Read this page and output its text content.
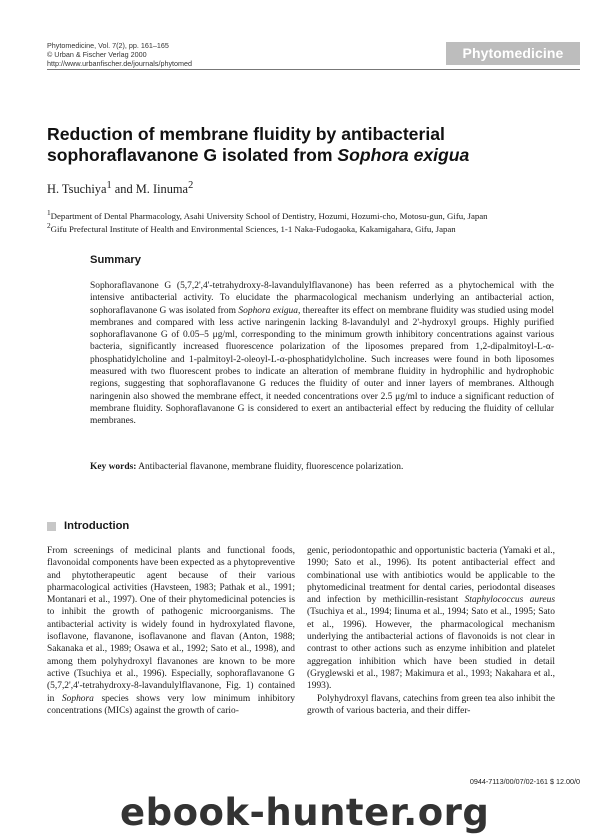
Phytomedicine, Vol. 7(2), pp. 161–165
© Urban & Fischer Verlag 2000
http://www.urbanfischer.de/journals/phytomed
Phytomedicine
Reduction of membrane fluidity by antibacterial sophoraflavanone G isolated from Sophora exigua
H. Tsuchiya$^1$ and M. Iinuma$^2$
$^1$Department of Dental Pharmacology, Asahi University School of Dentistry, Hozumi, Hozumi-cho, Motosu-gun, Gifu, Japan
$^2$Gifu Prefectural Institute of Health and Environmental Sciences, 1-1 Naka-Fudogaoka, Kakamigahara, Gifu, Japan
Summary
Sophoraflavanone G (5,7,2',4'-tetrahydroxy-8-lavandulylflavanone) has been referred as a phytochemical with the intensive antibacterial activity. To elucidate the pharmacological mechanism underlying an antibacterial action, sophoraflavanone G was isolated from Sophora exigua, thereafter its effect on membrane fluidity was studied using model membranes and compared with less active naringenin lacking 8-lavandulyl and 2'-hydroxyl groups. Highly purified sophoraflavanone G of 0.05–5 μg/ml, corresponding to the minimum growth inhibitory concentrations against various bacteria, significantly increased fluorescence polarization of the liposomes prepared from 1,2-dipalmitoyl-L-α-phosphatidylcholine and 1-palmitoyl-2-oleoyl-L-α-phosphatidylcholine. Such increases were found in both liposomes measured with two fluorescent probes to indicate an alteration of membrane fluidity in hydrophilic and hydrophobic regions, suggesting that sophoraflavanone G reduces the fluidity of outer and inner layers of membranes. Although naringenin also showed the membrane effect, it needed concentrations over 2.5 μg/ml to induce a significant reduction of membrane fluidity. Sophoraflavanone G is considered to exert an antibacterial effect by reducing the fluidity of cellular membranes.
Key words: Antibacterial flavanone, membrane fluidity, fluorescence polarization.
Introduction

From screenings of medicinal plants and functional foods, flavonoidal components have been expected as a phytopreventive and phytotherapeutic agent because of their various pharmacological activities (Havsteen, 1983; Pathak et al., 1991; Montanari et al., 1997). One of their phytomedicinal potencies is to inhibit the growth of pathogenic microorganisms. The antibacterial activity is widely found in hydroxylated flavone, isoflavone, flavanone, isoflavanone and flavan (Anton, 1988; Sakanaka et al., 1989; Osawa et al., 1992; Sato et al., 1998), and among them polyhydroxyl flavanones are known to be more active (Tsuchiya et al., 1996). Especially, sophoraflavanone G (5,7,2',4'-tetrahydroxy-8-lavandulylflavanone, Fig. 1) contained in Sophora species shows very low minimum inhibitory concentrations (MICs) against the growth of cario-

genic, periodontopathic and opportunistic bacteria (Yamaki et al., 1990; Sato et al., 1996). Its potent antibacterial effect and combinational use with antibiotics would be applicable to the phytomedicinal treatment for dental caries, periodontal diseases and infection by methicillin-resistant Staphylococcus aureus (Tsuchiya et al., 1994; Iinuma et al., 1994; Sato et al., 1995; Sato et al., 1996). However, the pharmacological mechanism underlying the antibacterial actions of flavonoids is not clear in contrast to other actions such as enzyme inhibition and platelet aggregation inhibition which have been studied in detail (Gryglewski et al., 1987; Makimura et al., 1993; Nakahara et al., 1993).

Polyhydroxyl flavans, catechins from green tea also inhibit the growth of various bacteria, and their differ-

0944-7113/00/07/02-161 $ 12.00/0
ebook-hunter.org
